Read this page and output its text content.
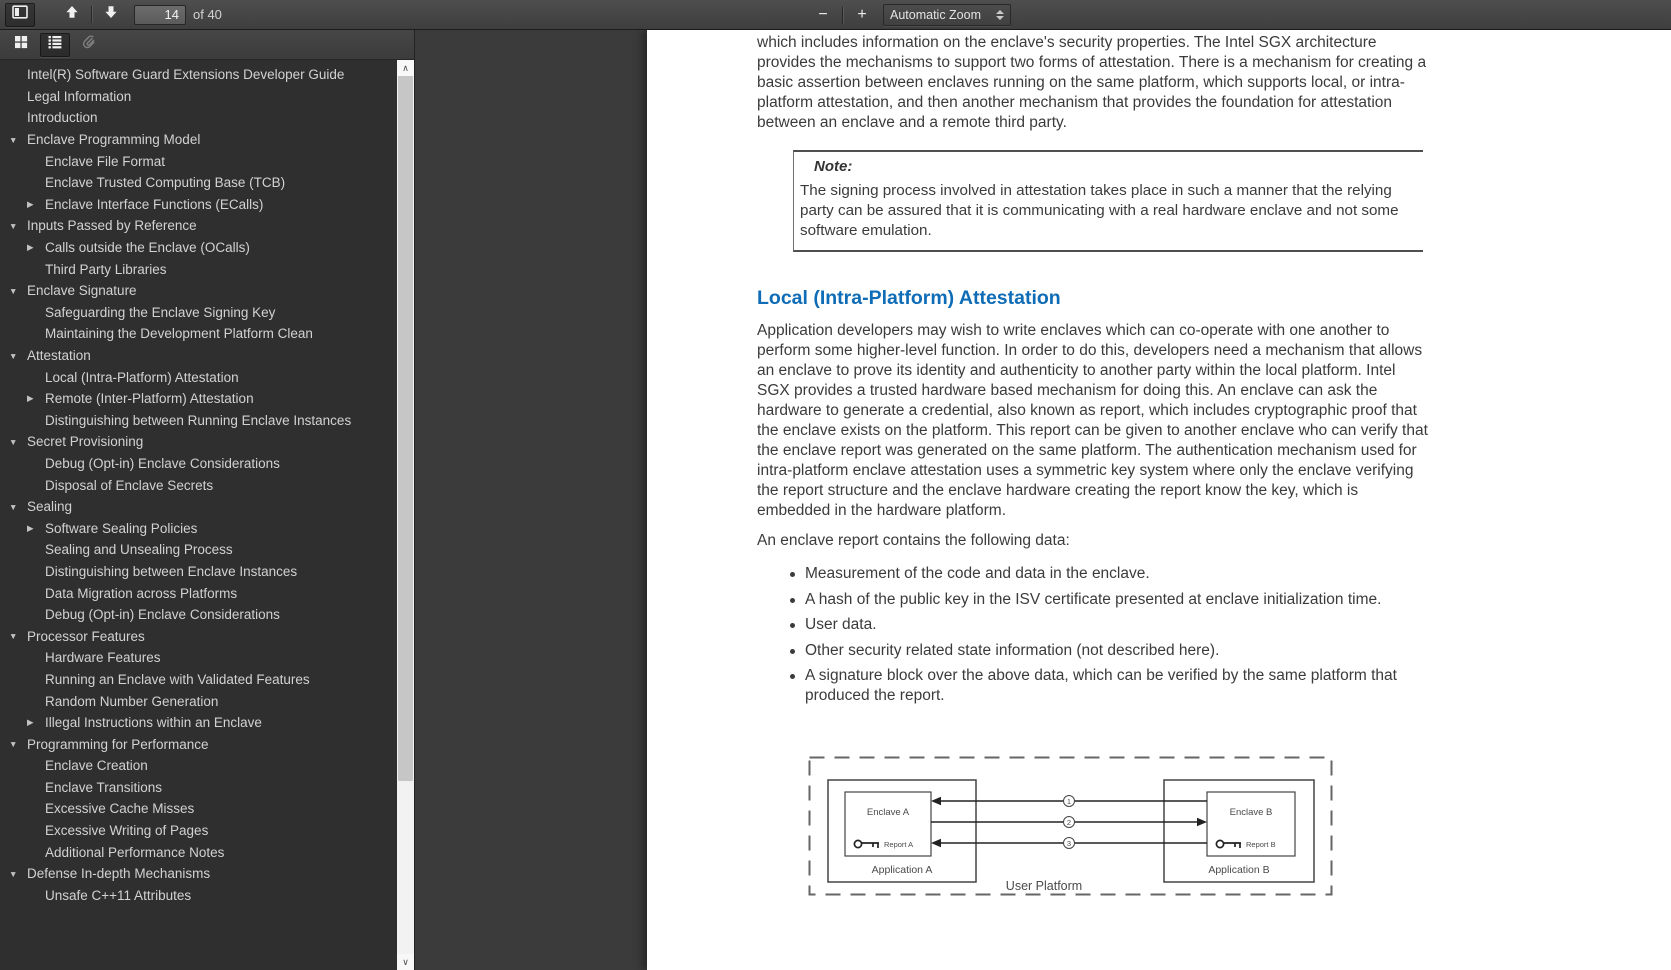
14
of 40	− + Automatic Zoom
Intel(R) Software Guard Extensions Developer Guide
Legal Information
Introduction
▼ Enclave Programming Model
Enclave File Format
Enclave Trusted Computing Base (TCB)
▶ Enclave Interface Functions (ECalls)
▼ Inputs Passed by Reference
▶ Calls outside the Enclave (OCalls)
Third Party Libraries
▼ Enclave Signature
Safeguarding the Enclave Signing Key
Maintaining the Development Platform Clean
▼ Attestation
Local (Intra-Platform) Attestation
▶ Remote (Inter-Platform) Attestation
Distinguishing between Running Enclave Instances
▼ Secret Provisioning
Debug (Opt-in) Enclave Considerations
Disposal of Enclave Secrets
▼ Sealing
▶ Software Sealing Policies
Sealing and Unsealing Process
Distinguishing between Enclave Instances
Data Migration across Platforms
Debug (Opt-in) Enclave Considerations
▼ Processor Features
Hardware Features
Running an Enclave with Validated Features
Random Number Generation
▶ Illegal Instructions within an Enclave
▼ Programming for Performance
Enclave Creation
Enclave Transitions
Excessive Cache Misses
Excessive Writing of Pages
Additional Performance Notes
▼ Defense In-depth Mechanisms
Unsafe C++11 Attributes
∧
∨

which includes information on the enclave's security properties. The Intel SGX architecture provides the mechanisms to support two forms of attestation. There is a mechanism for creating a basic assertion between enclaves running on the same platform, which supports local, or intra-platform attestation, and then another mechanism that provides the foundation for attestation between an enclave and a remote third party.

Note:
The signing process involved in attestation takes place in such a manner that the relying party can be assured that it is communicating with a real hardware enclave and not some software emulation.
Local (Intra-Platform) Attestation

Application developers may wish to write enclaves which can co-operate with one another to perform some higher-level function. In order to do this, developers need a mechanism that allows an enclave to prove its identity and authenticity to another party within the local platform. Intel SGX provides a trusted hardware based mechanism for doing this. An enclave can ask the hardware to generate a credential, also known as report, which includes cryptographic proof that the enclave exists on the platform. This report can be given to another enclave who can verify that the enclave report was generated on the same platform. The authentication mechanism used for intra-platform enclave attestation uses a symmetric key system where only the enclave verifying the report structure and the enclave hardware creating the report know the key, which is embedded in the hardware platform.

An enclave report contains the following data:

Measurement of the code and data in the enclave.
A hash of the public key in the ISV certificate presented at enclave initialization time.
User data.
Other security related state information (not described here).
A signature block over the above data, which can be verified by the same platform that produced the report.
Enclave A
Report A
Application A
Enclave B
Report B
Application B
1
2
3
User Platform
